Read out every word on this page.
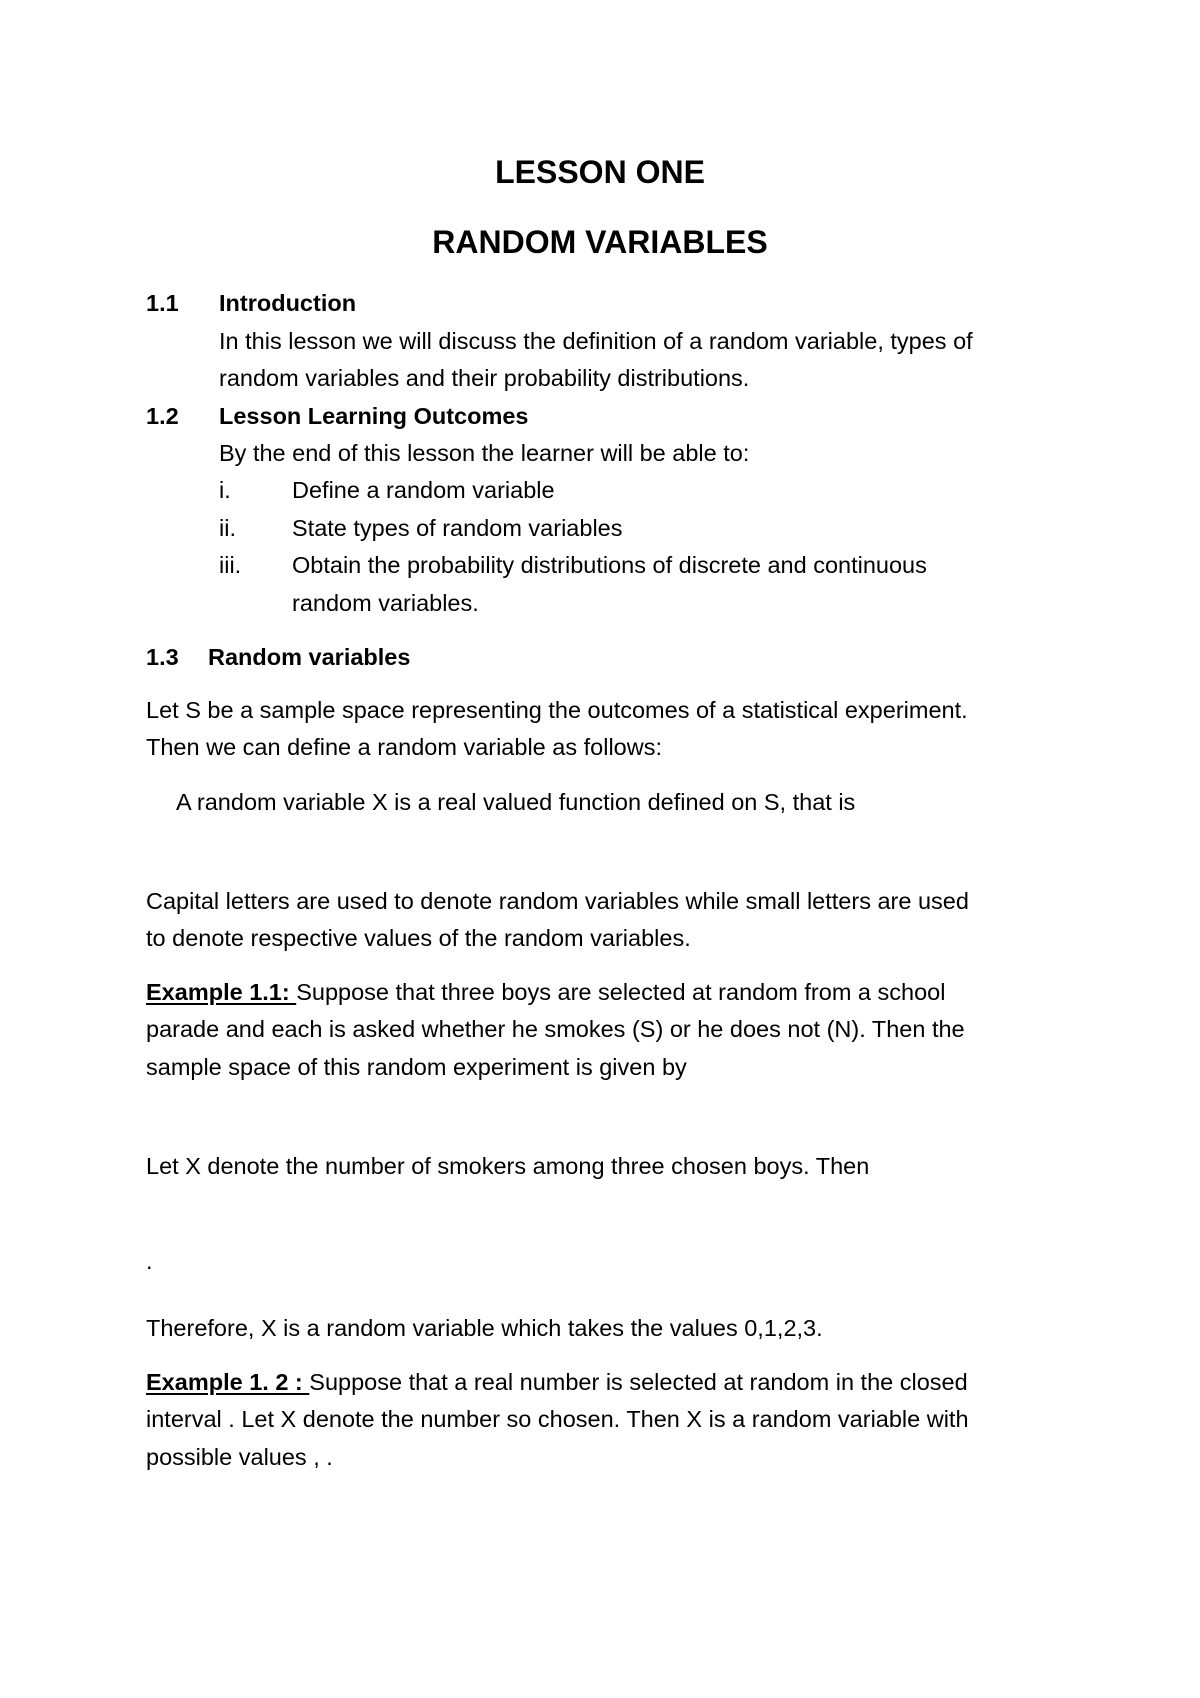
LESSON ONE
RANDOM VARIABLES
1.1 Introduction
In this lesson we will discuss the definition of a random variable, types of
random variables and their probability distributions.
1.2 Lesson Learning Outcomes
By the end of this lesson the learner will be able to:
i.	Define a random variable
ii. State types of random variables
iii. Obtain the probability distributions of discrete and continuous
random variables.
1.3 Random variables
Let S be a sample space representing the outcomes of a statistical experiment.
Then we can define a random variable as follows:
A random variable X is a real valued function defined on S, that is
Capital letters are used to denote random variables while small letters are used
to denote respective values of the random variables.
Example 1.1: Suppose that three boys are selected at random from a school
parade and each is asked whether he smokes (S) or he does not (N). Then the
sample space of this random experiment is given by
Let X denote the number of smokers among three chosen boys. Then
.
Therefore, X is a random variable which takes the values 0,1,2,3.
Example 1. 2 : Suppose that a real number is selected at random in the closed
interval . Let X denote the number so chosen. Then X is a random variable with
possible values , .
